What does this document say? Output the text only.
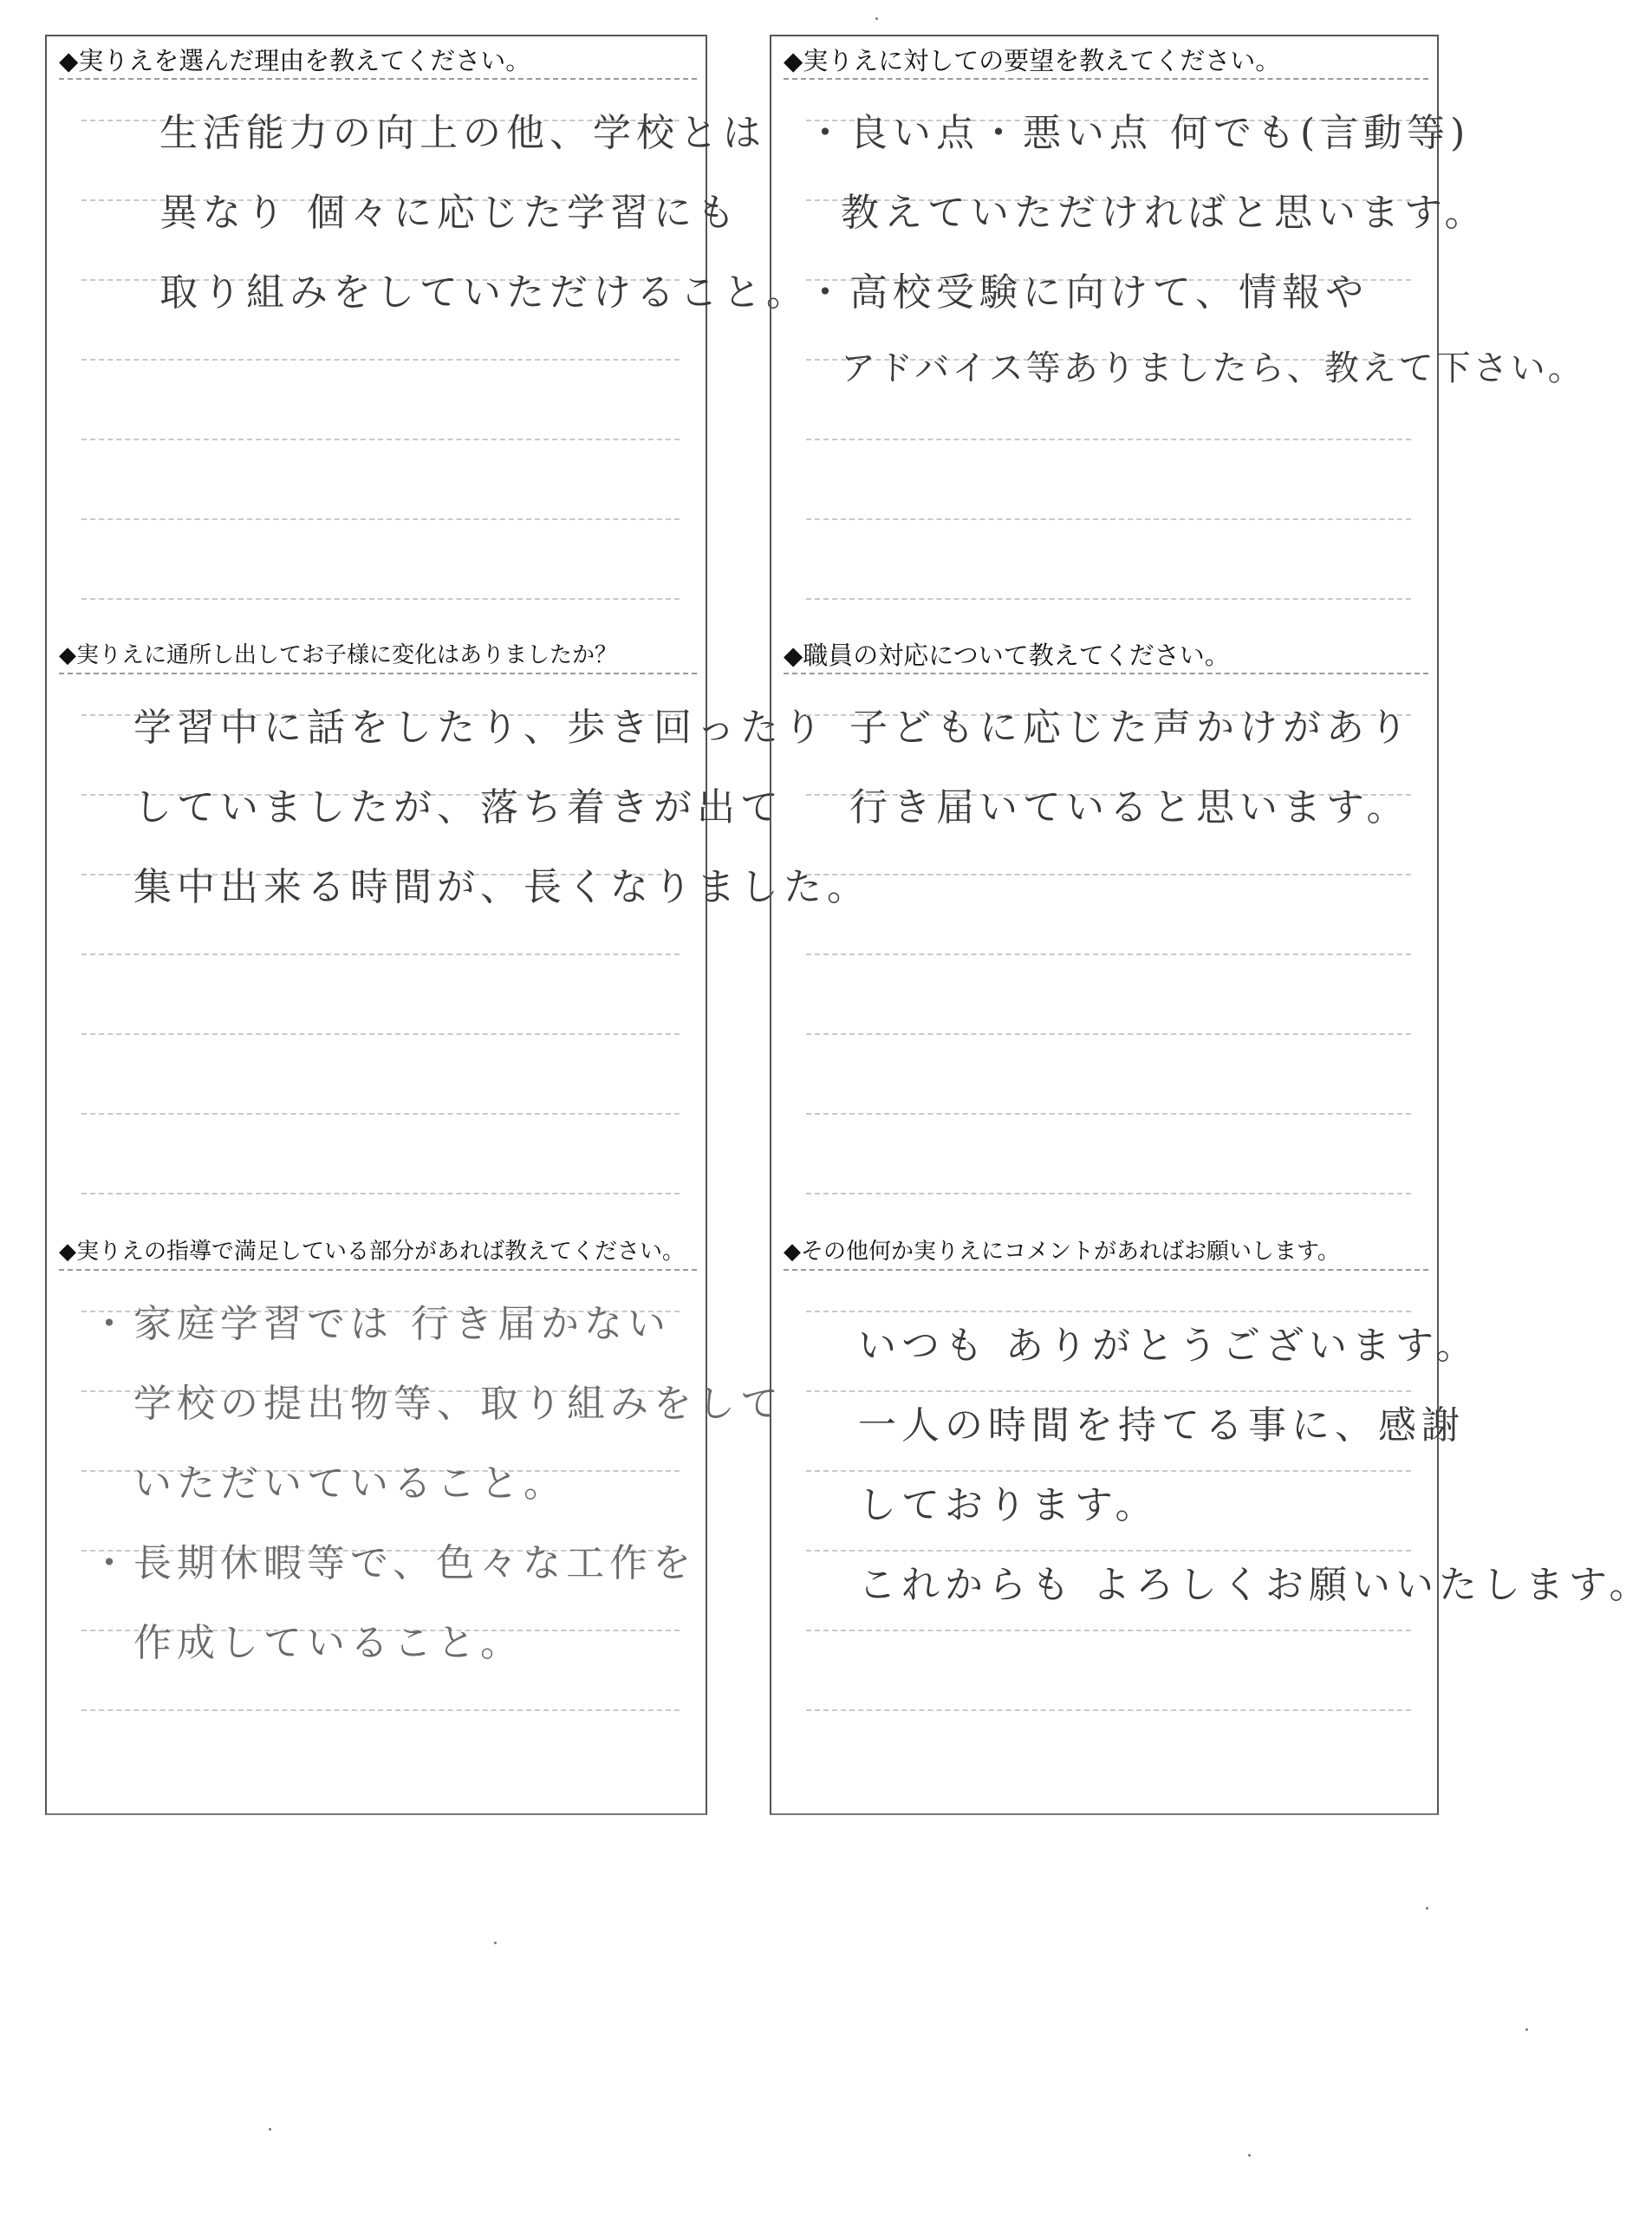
◆実りえを選んだ理由を教えてください。
生活能力の向上の他、学校とは
異なり 個々に応じた学習にも
取り組みをしていただけること。
◆実りえに対しての要望を教えてください。
・良い点・悪い点 何でも(言動等)
教えていただければと思います。
・高校受験に向けて、情報や
アドバイス等ありましたら、教えて下さい。
◆実りえに通所し出してお子様に変化はありましたか？
学習中に話をしたり、歩き回ったり
していましたが、落ち着きが出て
集中出来る時間が、長くなりました。
◆職員の対応について教えてください。
子どもに応じた声かけがあり
行き届いていると思います。
◆実りえの指導で満足している部分があれば教えてください。
・家庭学習では 行き届かない
学校の提出物等、取り組みをして
いただいていること。
・長期休暇等で、色々な工作を
作成していること。
◆その他何か実りえにコメントがあればお願いします。
いつも ありがとうございます。
一人の時間を持てる事に、感謝
しております。
これからも よろしくお願いいたします。
